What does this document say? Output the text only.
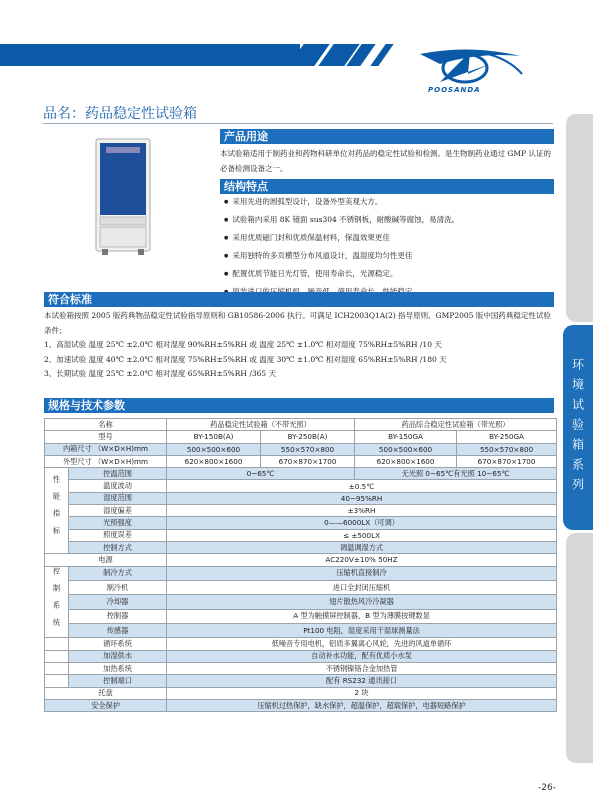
POOSANDA
品名：药品稳定性试验箱
环境试验箱系列
产品用途
本试验箱适用于制药业和药物科研单位对药品的稳定性试验和检测。是生物制药业通过 GMP 认证的必备检测设备之一。
结构特点
● 采用先进的圆弧型设计，设备外型美观大方。
● 试验箱内采用 8K 镜面 sus304 不锈钢板，耐酸碱等腐蚀，易清洗。
● 采用优质磁门封和优质保温材料，保温效果更佳
● 采用独特的多页横型分布风道设计，温湿度均匀性更佳
● 配置优质节能日光灯管，使用寿命长，光源稳定。
●
符合标准
本试验箱按照 2005 版药典物品稳定性试验指导原则和 GB10586-2006 执行。可满足 ICH2003Q1A(2) 指导原则、GMP2005 版中国药典稳定性试验条件；
1、高湿试验 温度 25℃ ±2.0℃ 相对湿度 90%RH±5%RH 或 温度 25℃ ±1.0℃ 相对湿度 75%RH±5%RH /10 天
2、加速试验 温度 40℃ ±2.0℃ 相对湿度 75%RH±5%RH 或 温度 30℃ ±1.0℃ 相对湿度 65%RH±5%RH /180 天
3、长期试验 温度 25℃ ±2.0℃ 相对湿度 65%RH±5%RH /365 天
规格与技术参数
名称		药品稳定性试验箱（不带光照）		药品综合稳定性试验箱（带光照）	
型号		BY-150B(A)	BY-250B(A)	BY-150GA	BY-250GA
内箱尺寸 （W×D×H)mm		500×500×600	550×570×800	500×500×600	550×570×800
外型尺寸 （W×D×H)mm		620×800×1600	670×870×1700	620×800×1600	670×870×1700
性能指标	控温范围	0~65℃		无光照 0~65℃有光照 10~65℃	
	温度波动	±0.5℃			
	湿度范围	40~95%RH			
	湿度偏差	±3%RH			
	光照强度	0——6000LX（可调）			
	照度误差	≤ ±500LX			
	控制方式	调温调湿方式			
电源		AC220V±10% 50HZ			
控制系统	制冷方式	压缩机直接制冷			
	制冷机	进口全封闭压缩机			
	冷却器	翅片散热风冷冷凝器			
	控制器	A 型为触摸屏控制器，B 型为薄膜按键数显			
	传感器	Pt100 电阻，湿度采用干湿球测量法			
	循环系统	低噪音专用电机，铝质多翼离心风轮，先进的风道单循环			
	加湿供水	自动补水功能，配有优质小水泵			
	加热系统	不锈钢镍铬合金加热管			
	控制端口	配有 RS232 通讯接口			
托盘		2 块			
安全保护		压缩机过热保护，缺水保护，超温保护，超载保护，电器短路保护			
-26-
